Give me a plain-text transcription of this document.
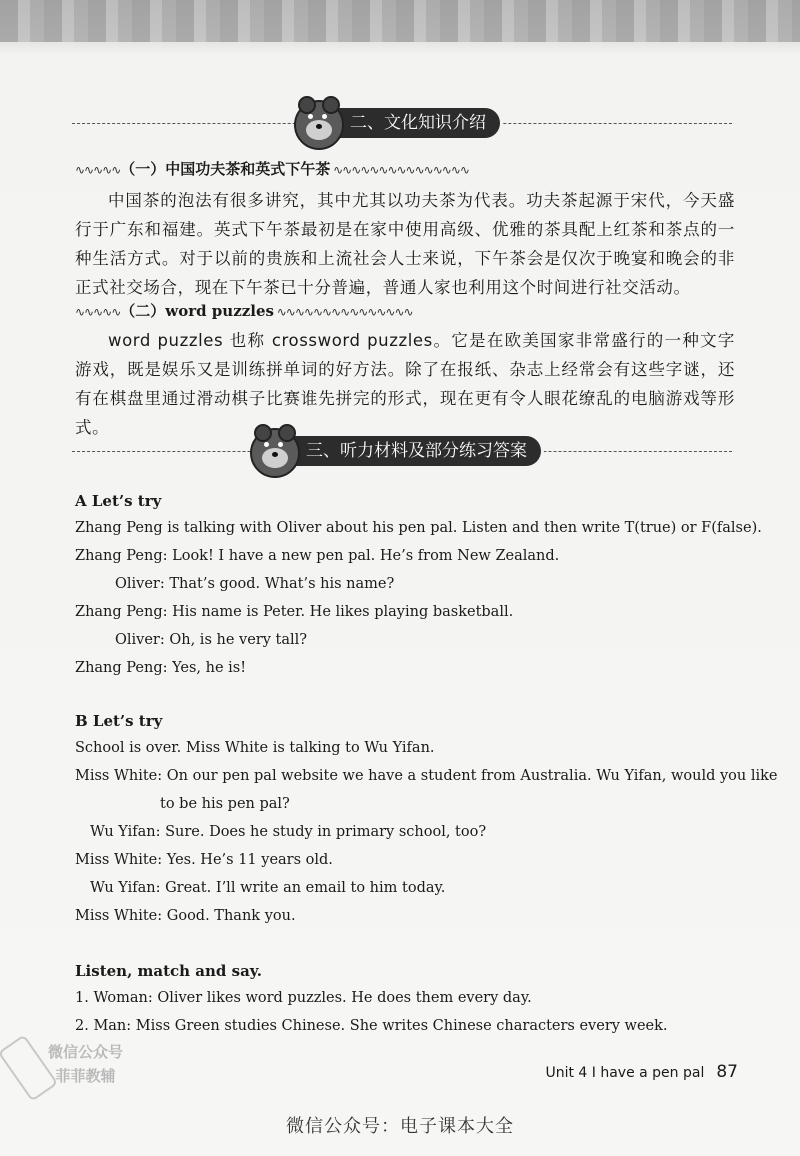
二、文化知识介绍
∿∿∿∿∿（一）中国功夫茶和英式下午茶 ∿∿∿∿∿∿∿∿∿∿∿∿∿∿∿

中国茶的泡法有很多讲究，其中尤其以功夫茶为代表。功夫茶起源于宋代，今天盛行于广东和福建。英式下午茶最初是在家中使用高级、优雅的茶具配上红茶和茶点的一种生活方式。对于以前的贵族和上流社会人士来说，下午茶会是仅次于晚宴和晚会的非正式社交场合，现在下午茶已十分普遍，普通人家也利用这个时间进行社交活动。

∿∿∿∿∿（二）word puzzles ∿∿∿∿∿∿∿∿∿∿∿∿∿∿∿

word puzzles 也称 crossword puzzles。它是在欧美国家非常盛行的一种文字游戏，既是娱乐又是训练拼单词的好方法。除了在报纸、杂志上经常会有这些字谜，还有在棋盘里通过滑动棋子比赛谁先拼完的形式，现在更有令人眼花缭乱的电脑游戏等形式。

三、听力材料及部分练习答案
A Let’s try
Zhang Peng is talking with Oliver about his pen pal. Listen and then write T(true) or F(false).
Zhang Peng: Look! I have a new pen pal. He’s from New Zealand.
Oliver: That’s good. What’s his name?
Zhang Peng: His name is Peter. He likes playing basketball.
Oliver: Oh, is he very tall?
Zhang Peng: Yes, he is!
B Let’s try
School is over. Miss White is talking to Wu Yifan.
Miss White: On our pen pal website we have a student from Australia. Wu Yifan, would you like
to be his pen pal?
Wu Yifan: Sure. Does he study in primary school, too?
Miss White: Yes. He’s 11 years old.
Wu Yifan: Great. I’ll write an email to him today.
Miss White: Good. Thank you.
Listen, match and say.
1. Woman: Oliver likes word puzzles. He does them every day.
2. Man: Miss Green studies Chinese. She writes Chinese characters every week.
Unit 4 I have a pen pal 87
微信公众号
菲菲教辅
微信公众号：电子课本大全
